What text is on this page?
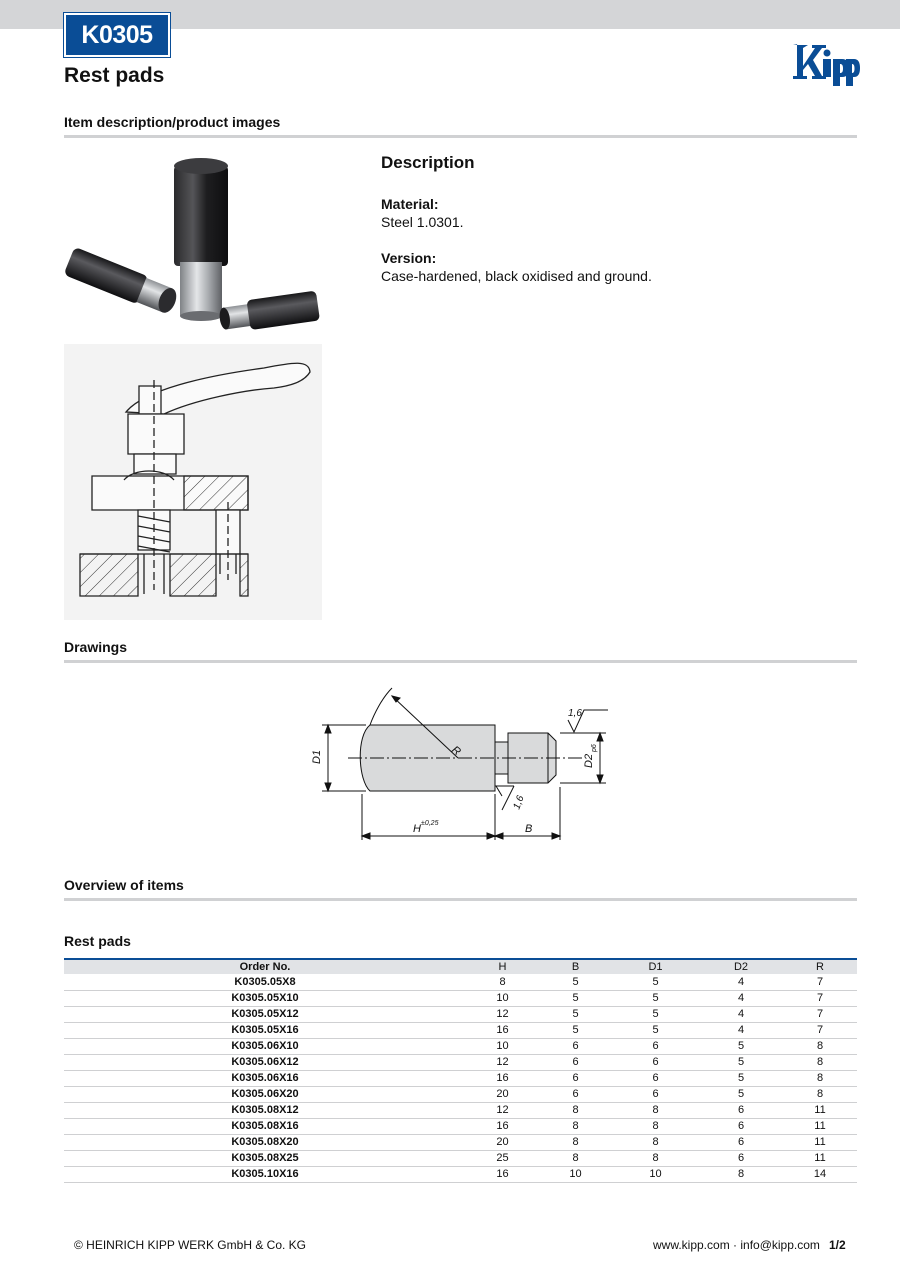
K0305
Rest pads
Item description/product images
Description
Material:
Steel 1.0301.
Version:
Case-hardened, black oxidised and ground.
Drawings
R
D1	D2
p6
H ±0,25	B
1,6
1,6
Overview of items
Rest pads
Order No.	H	B	D1	D2	R
K0305.05X8	8	5	5	4	7
K0305.05X10	10	5	5	4	7
K0305.05X12	12	5	5	4	7
K0305.05X16	16	5	5	4	7
K0305.06X10	10	6	6	5	8
K0305.06X12	12	6	6	5	8
K0305.06X16	16	6	6	5	8
K0305.06X20	20	6	6	5	8
K0305.08X12	12	8	8	6	11
K0305.08X16	16	8	8	6	11
K0305.08X20	20	8	8	6	11
K0305.08X25	25	8	8	6	11
K0305.10X16	16	10	10	8	14
© HEINRICH KIPP WERK GmbH & Co. KG	www.kipp.com · info@kipp.com 1/2
